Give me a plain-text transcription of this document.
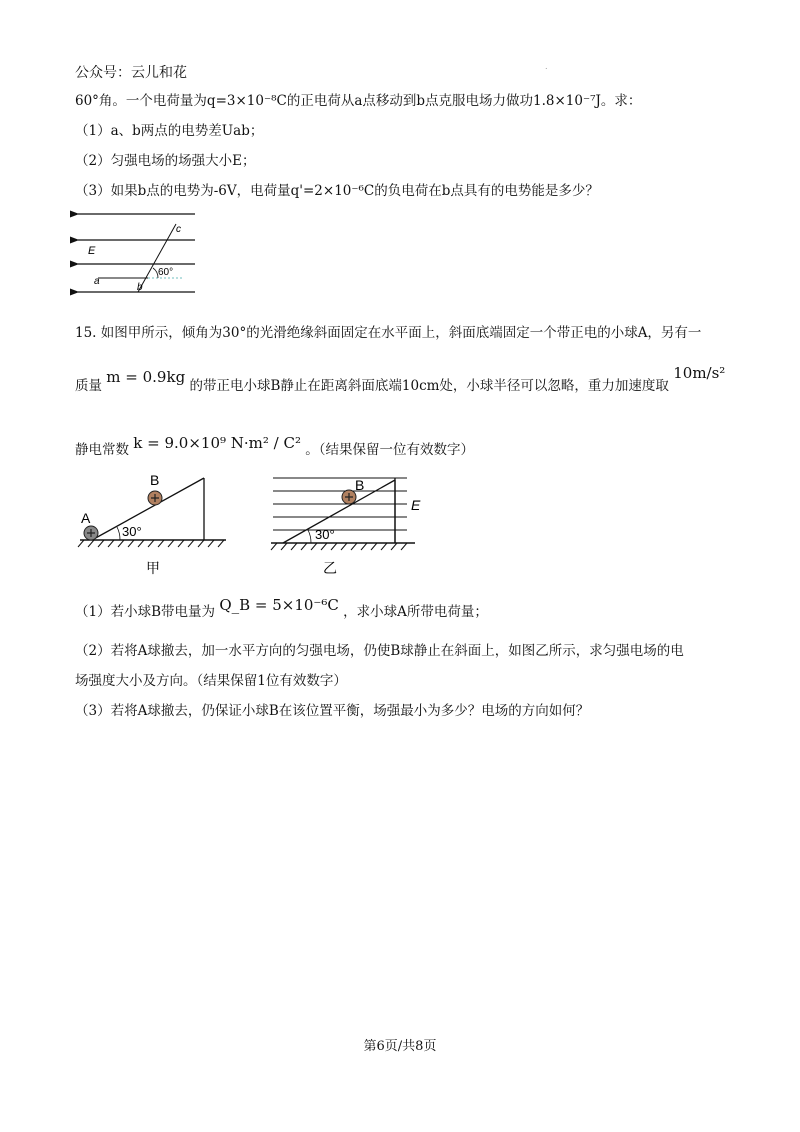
公众号：云儿和花	.
60°角。一个电荷量为q=3×10⁻⁸C的正电荷从a点移动到b点克服电场力做功1.8×10⁻⁷J。求：
（1）a、b两点的电势差Uab；
（2）匀强电场的场强大小E；
（3）如果b点的电势为-6V，电荷量q'=2×10⁻⁶C的负电荷在b点具有的电势能是多少？
E
c
a
b
60°
15. 如图甲所示，倾角为30°的光滑绝缘斜面固定在水平面上，斜面底端固定一个带正电的小球A，另有一
质量 m = 0.9kg 的带正电小球B静止在距离斜面底端10cm处，小球半径可以忽略，重力加速度取 10m/s²
静电常数 k = 9.0×10⁹ N·m² / C² 。（结果保留一位有效数字）
30°
A
B
甲
30°
B
E
乙
（1）若小球B带电量为 Q_B = 5×10⁻⁶C ，求小球A所带电荷量；
（2）若将A球撤去，加一水平方向的匀强电场，仍使B球静止在斜面上，如图乙所示，求匀强电场的电
场强度大小及方向。（结果保留1位有效数字）
（3）若将A球撤去，仍保证小球B在该位置平衡，场强最小为多少？电场的方向如何？
第6页/共8页
